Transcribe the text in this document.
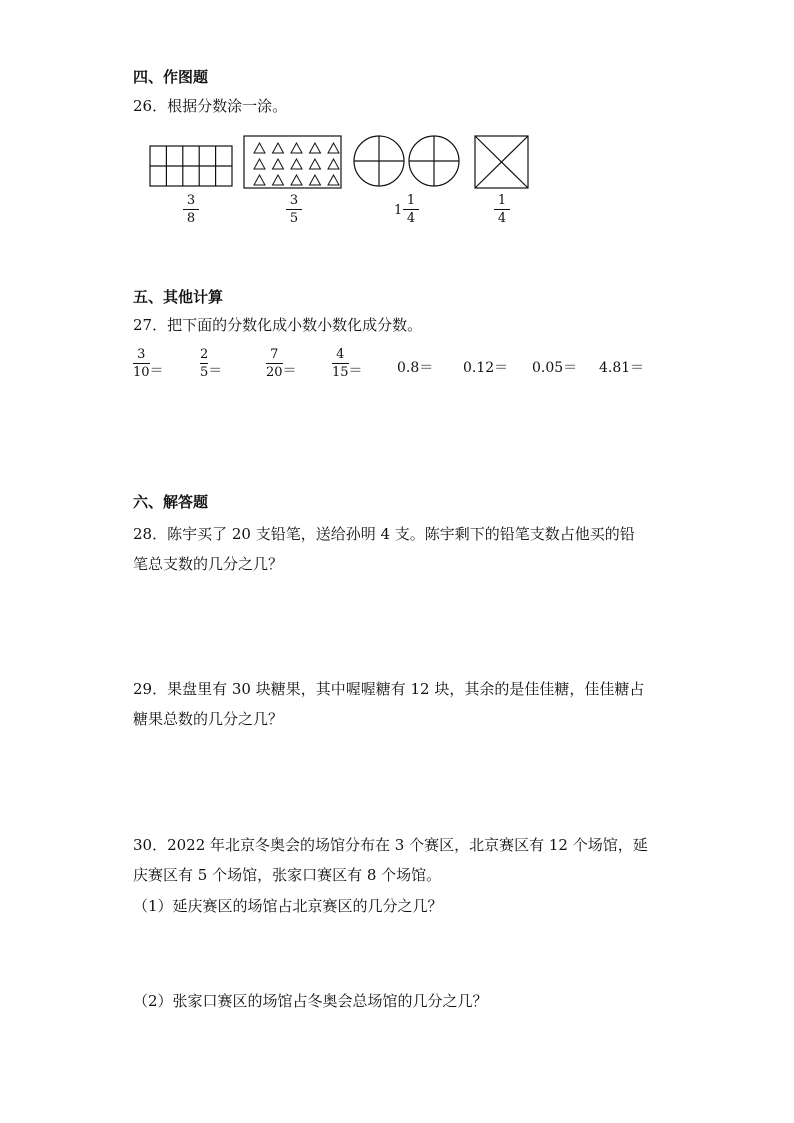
四、作图题
26．根据分数涂一涂。
3
8
3
5
1
1
4
1
4
五、其他计算
27．把下面的分数化成小数小数化成分数。
$\frac{3}{10}$ ＝	$\frac{2}{5}$ ＝	$\frac{7}{20}$ ＝	$\frac{4}{15} = 0.8= 0.12= 0.05= 4.81=$
六、解答题
28．陈宇买了 20 支铅笔，送给孙明 4 支。陈宇剩下的铅笔支数占他买的铅
笔总支数的几分之几？
29．果盘里有 30 块糖果，其中喔喔糖有 12 块，其余的是佳佳糖，佳佳糖占
糖果总数的几分之几？
30．2022 年北京冬奥会的场馆分布在 3 个赛区，北京赛区有 12 个场馆，延
庆赛区有 5 个场馆，张家口赛区有 8 个场馆。
（1）延庆赛区的场馆占北京赛区的几分之几？
（2）张家口赛区的场馆占冬奥会总场馆的几分之几？
